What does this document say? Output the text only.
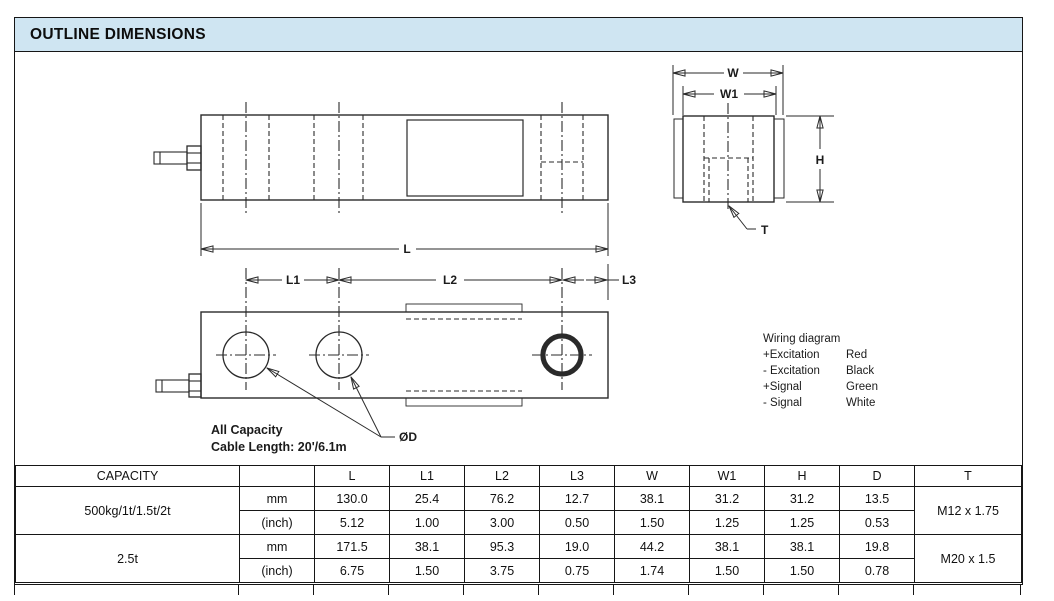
OUTLINE DIMENSIONS
L
W
W1
H
T
L1	L2	L3
ØD
All Capacity
Cable Length: 20'/6.1m
Wiring diagram
+Excitation Red
- Excitation Black
+Signal	Green
- Signal	White
CAPACITY		L	L1	L2	L3	W	W1	H	D	T
500kg/1t/1.5t/2t	mm	130.0	25.4	76.2	12.7	38.1	31.2	31.2	13.5	M12 x 1.75
	(inch)	5.12	1.00	3.00	0.50	1.50	1.25	1.25	0.53	
2.5t	mm	171.5	38.1	95.3	19.0	44.2	38.1	38.1	19.8	M20 x 1.5
	(inch)	6.75	1.50	3.75	0.75	1.74	1.50	1.50	0.78	
